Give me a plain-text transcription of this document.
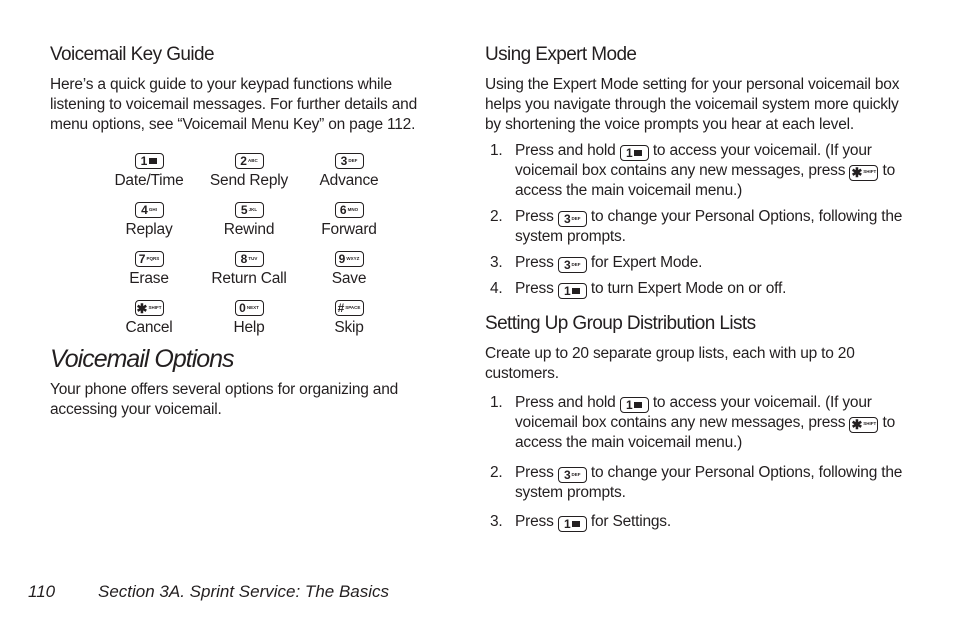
Voicemail Key Guide

Here’s a quick guide to your keypad functions while listening to voicemail messages. For further details and menu options, see “Voicemail Menu Key” on page 112.

1
Date/Time
2 ABC
Send Reply
3 DEF
Advance
4 GHI
Replay
5 JKL
Rewind
6 MNO
Forward
7 PQRS
Erase
8 TUV
Return Call
9 WXYZ
Save
✱ SHIFT
Cancel
0 NEXT
Help
# SPACE
Skip
Voicemail Options

Your phone offers several options for organizing and accessing your voicemail.

Using Expert Mode

Using the Expert Mode setting for your personal voicemail box helps you navigate through the voicemail system more quickly by shortening the voice prompts you hear at each level.

1. Press and hold 1 to access your voicemail. (If your voicemail box contains any new messages, press ✱ SHIFT to access the main voicemail menu.)
2. Press 3 DEF to change your Personal Options, following the system prompts.
3. Press 3 DEF for Expert Mode.
4. Press 1 to turn Expert Mode on or off.
Setting Up Group Distribution Lists

Create up to 20 separate group lists, each with up to 20 customers.

1. Press and hold 1 to access your voicemail. (If your voicemail box contains any new messages, press ✱ SHIFT to access the main voicemail menu.)
2. Press 3 DEF to change your Personal Options, following the system prompts.
3. Press 1 for Settings.
110	Section 3A. Sprint Service: The Basics
